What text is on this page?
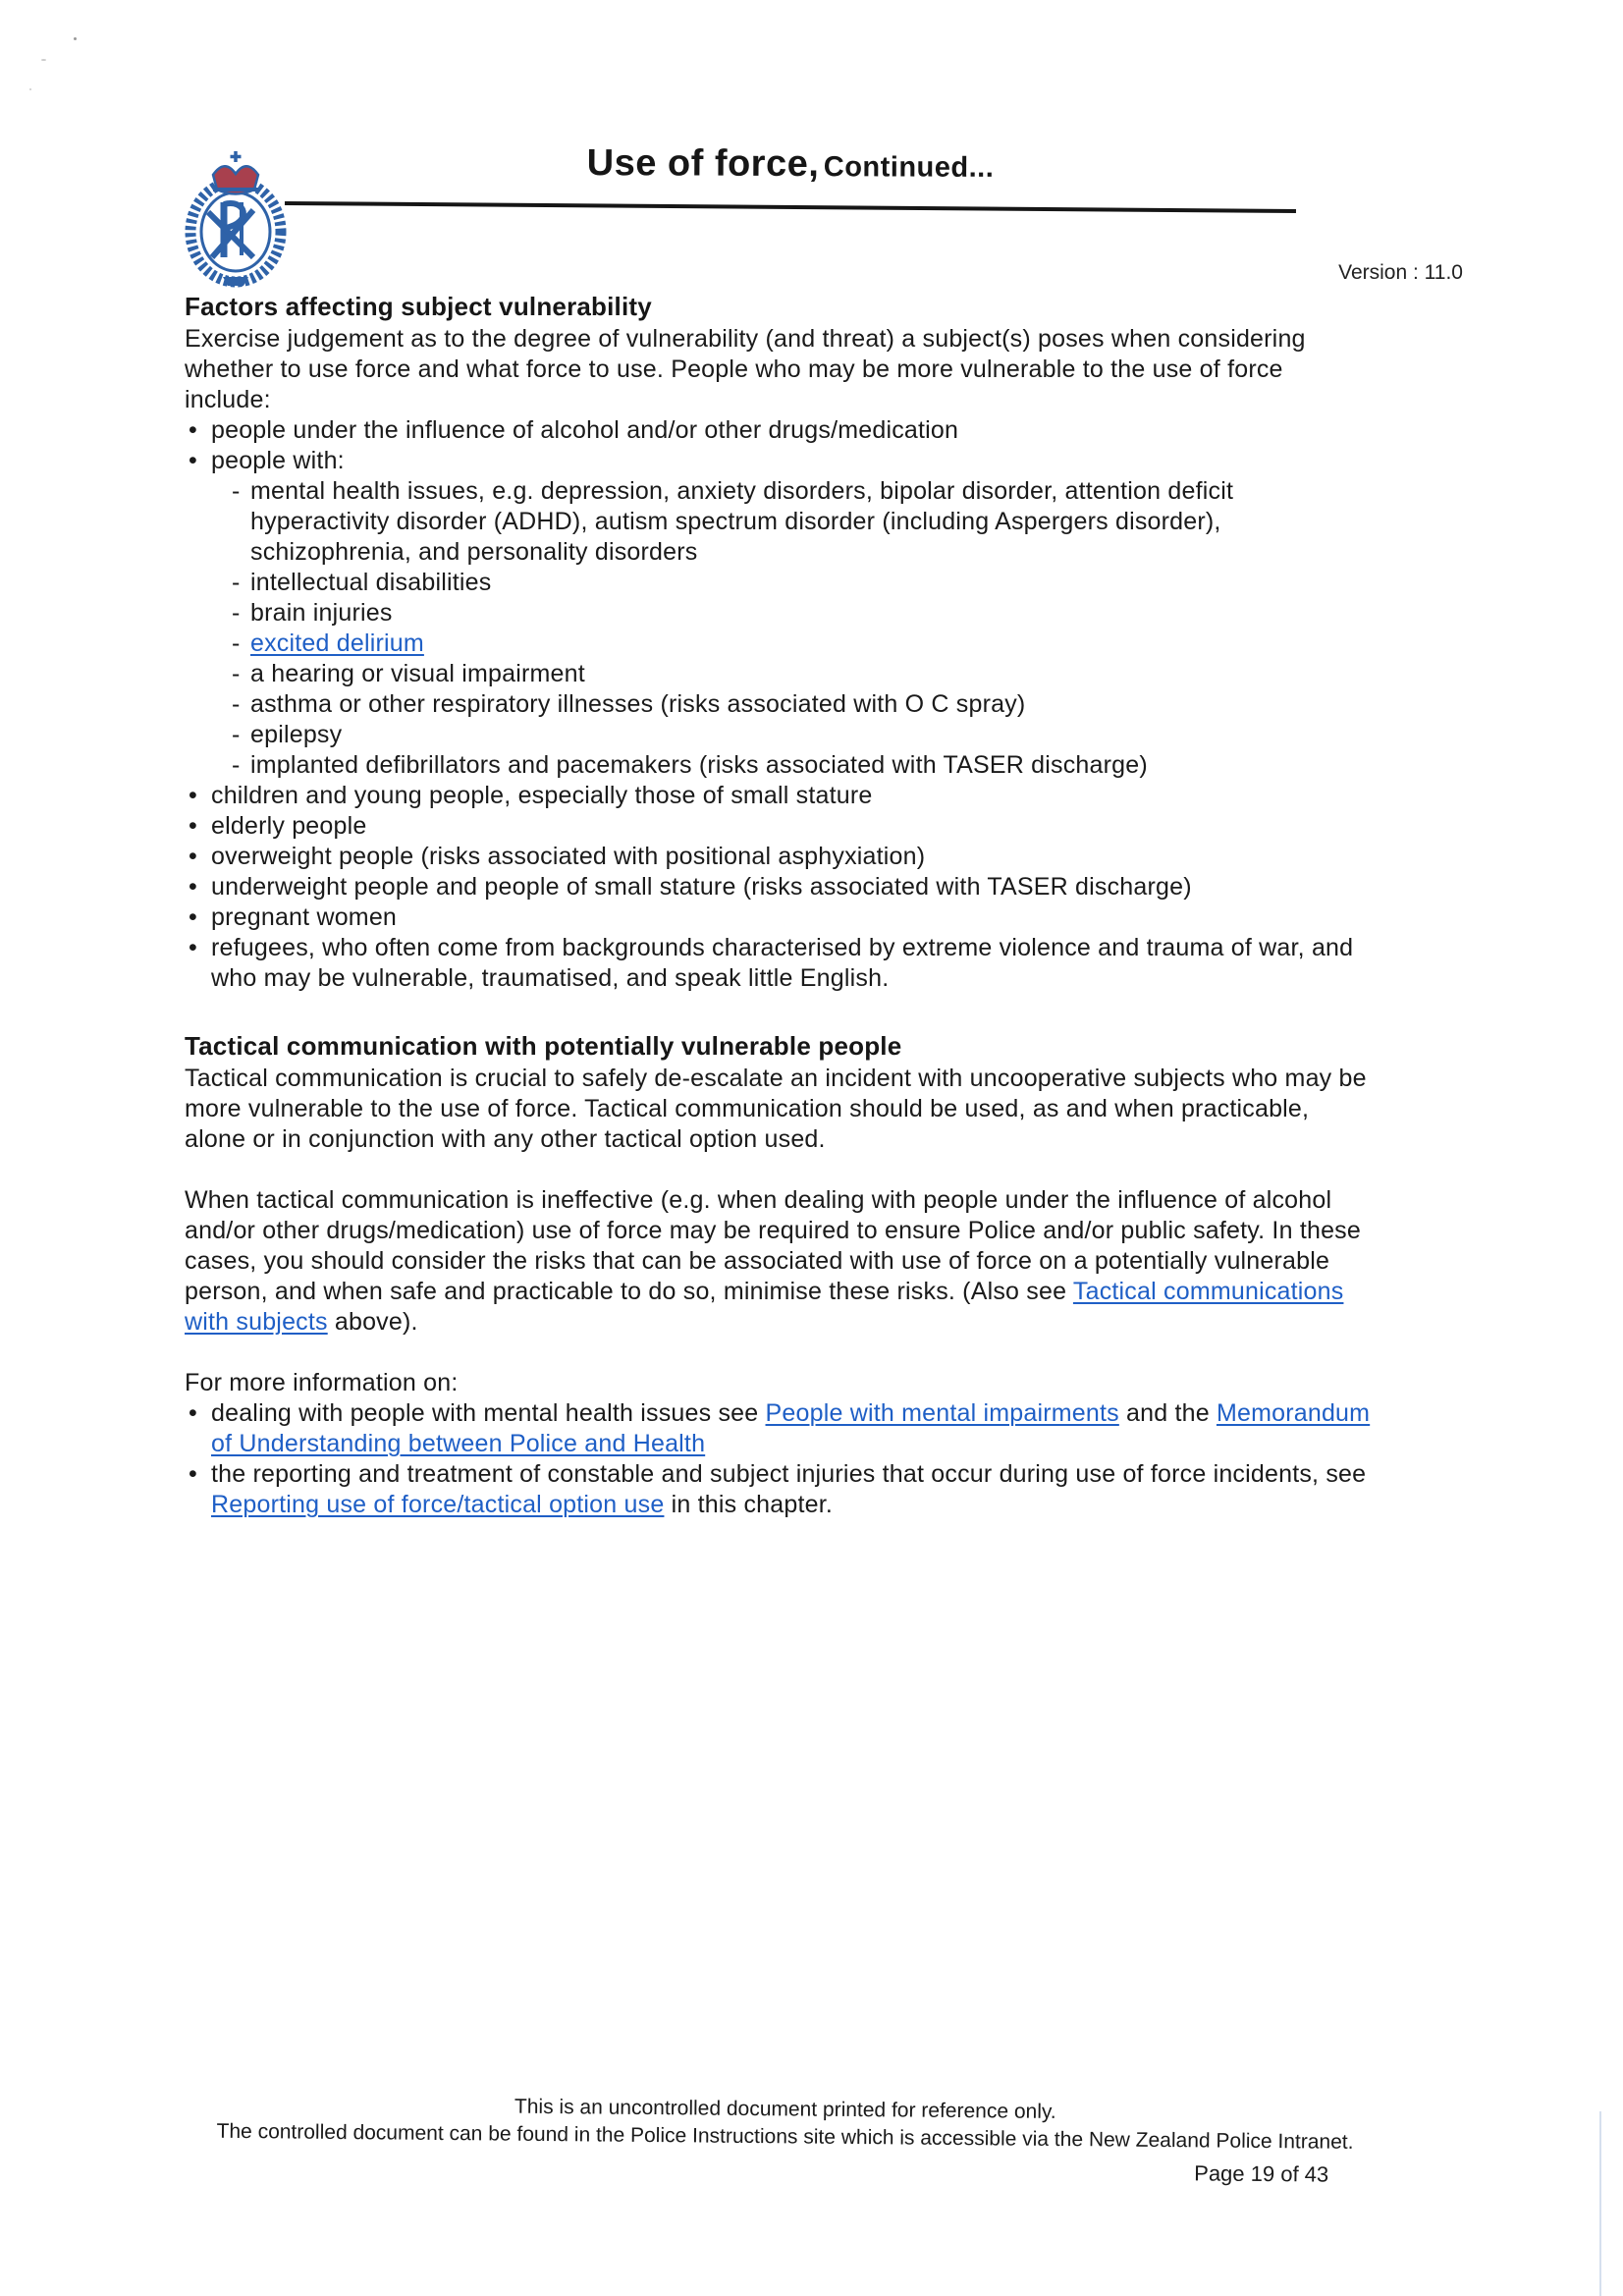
Use of force, Continued...
Version : 11.0
Factors affecting subject vulnerability
Exercise judgement as to the degree of vulnerability (and threat) a subject(s) poses when considering whether to use force and what force to use. People who may be more vulnerable to the use of force include:
• people under the influence of alcohol and/or other drugs/medication
• people with:
- mental health issues, e.g. depression, anxiety disorders, bipolar disorder, attention deficit hyperactivity disorder (ADHD), autism spectrum disorder (including Aspergers disorder), schizophrenia, and personality disorders
- intellectual disabilities
- brain injuries
- excited delirium
- a hearing or visual impairment
- asthma or other respiratory illnesses (risks associated with O C spray)
- epilepsy
- implanted defibrillators and pacemakers (risks associated with TASER discharge)
• children and young people, especially those of small stature
• elderly people
• overweight people (risks associated with positional asphyxiation)
• underweight people and people of small stature (risks associated with TASER discharge)
• pregnant women
• refugees, who often come from backgrounds characterised by extreme violence and trauma of war, and who may be vulnerable, traumatised, and speak little English.
Tactical communication with potentially vulnerable people
Tactical communication is crucial to safely de-escalate an incident with uncooperative subjects who may be more vulnerable to the use of force. Tactical communication should be used, as and when practicable, alone or in conjunction with any other tactical option used.
When tactical communication is ineffective (e.g. when dealing with people under the influence of alcohol and/or other drugs/medication) use of force may be required to ensure Police and/or public safety. In these cases, you should consider the risks that can be associated with use of force on a potentially vulnerable person, and when safe and practicable to do so, minimise these risks. (Also see Tactical communications with subjects above).
For more information on:
• dealing with people with mental health issues see People with mental impairments and the Memorandum of Understanding between Police and Health
• the reporting and treatment of constable and subject injuries that occur during use of force incidents, see Reporting use of force/tactical option use in this chapter.
This is an uncontrolled document printed for reference only.
The controlled document can be found in the Police Instructions site which is accessible via the New Zealand Police Intranet.
Page 19 of 43
